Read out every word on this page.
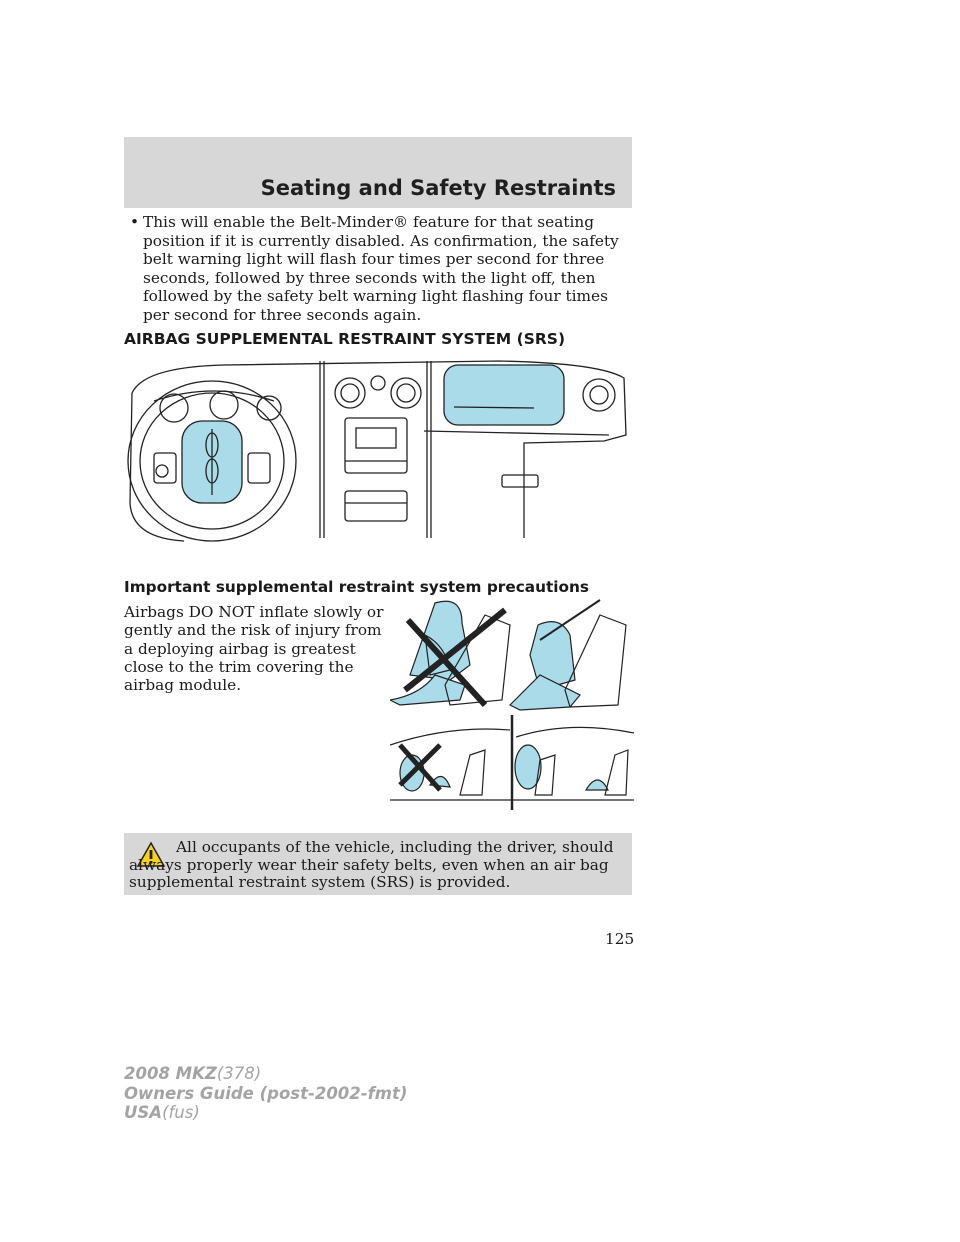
Seating and Safety Restraints
• This will enable the Belt-Minder® feature for that seating position if it is currently disabled. As confirmation, the safety belt warning light will flash four times per second for three seconds, followed by three seconds with the light off, then followed by the safety belt warning light flashing four times per second for three seconds again.
AIRBAG SUPPLEMENTAL RESTRAINT SYSTEM (SRS)
Important supplemental restraint system precautions
Airbags DO NOT inflate slowly or gently and the risk of injury from a deploying airbag is greatest close to the trim covering the airbag module.
All occupants of the vehicle, including the driver, should always properly wear their safety belts, even when an air bag supplemental restraint system (SRS) is provided.
125
2008 MKZ(378)
Owners Guide (post-2002-fmt)
USA(fus)
